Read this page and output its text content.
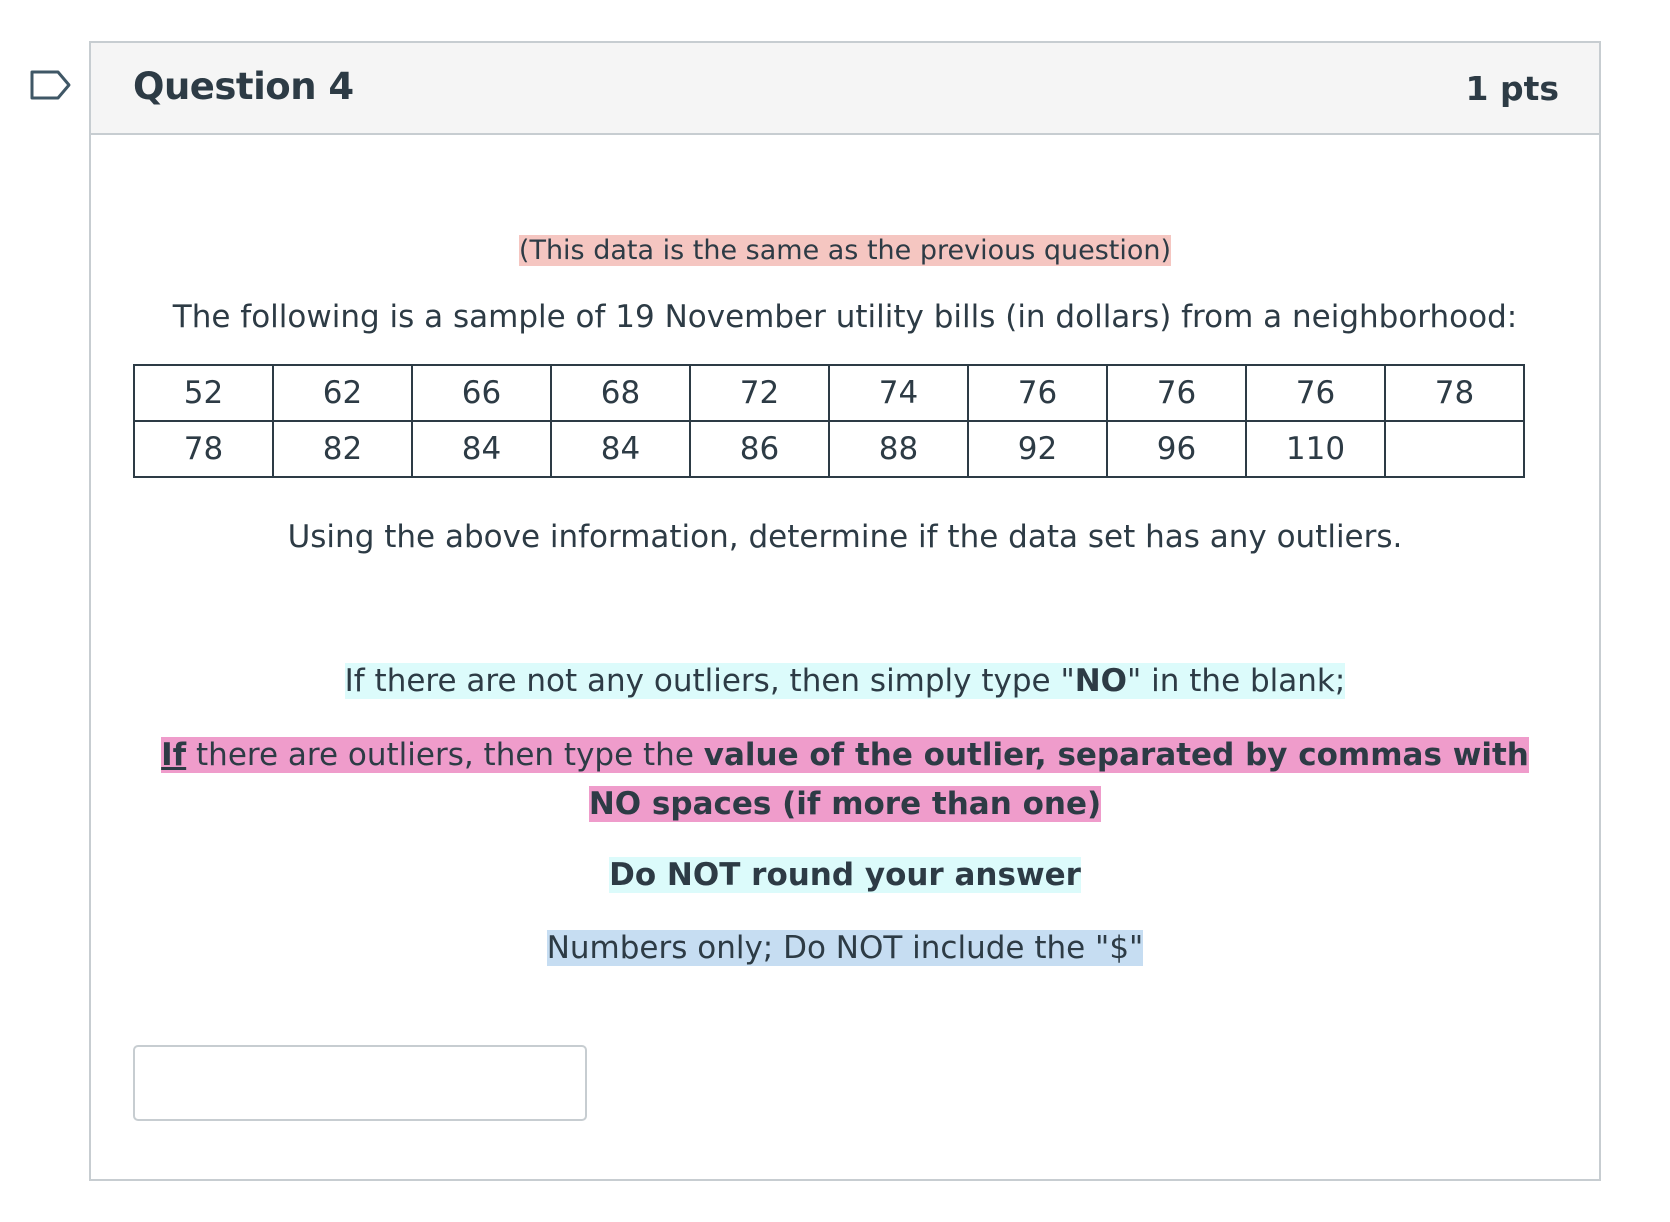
Question 4	1 pts
(This data is the same as the previous question)
The following is a sample of 19 November utility bills (in dollars) from a neighborhood:
52	62	66	68	72	74	76	76	76	78
78	82	84	84	86	88	92	96	110	
Using the above information, determine if the data set has any outliers.
If there are not any outliers, then simply type "NO" in the blank;
If there are outliers, then type the value of the outlier, separated by commas with NO spaces (if more than one)
Do NOT round your answer
Numbers only; Do NOT include the "$"
